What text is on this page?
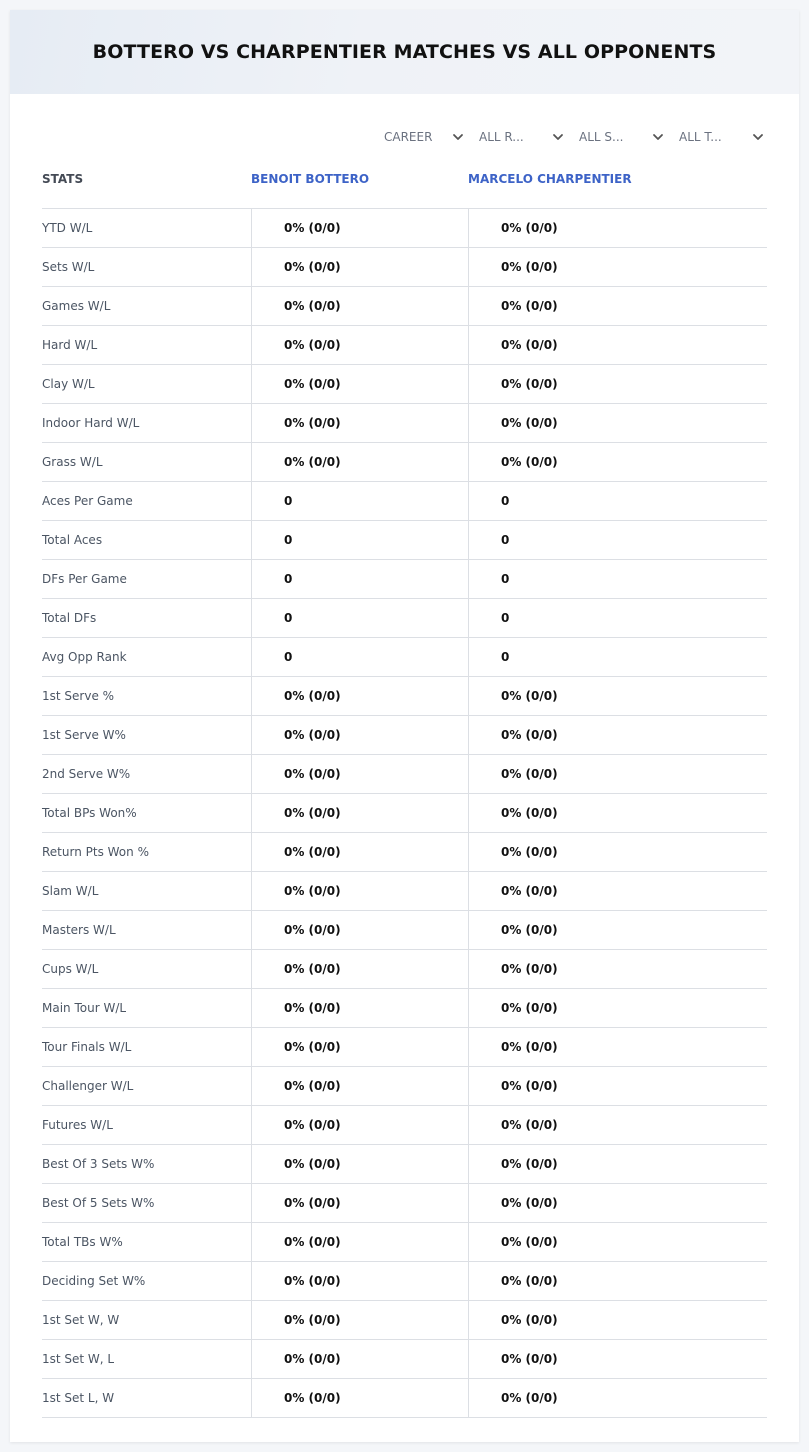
BOTTERO VS CHARPENTIER MATCHES VS ALL OPPONENTS
CAREER	ALL R...	ALL S...	ALL T...
STATS	BENOIT BOTTERO	MARCELO CHARPENTIER
YTD W/L	0% (0/0)	0% (0/0)
Sets W/L	0% (0/0)	0% (0/0)
Games W/L	0% (0/0)	0% (0/0)
Hard W/L	0% (0/0)	0% (0/0)
Clay W/L	0% (0/0)	0% (0/0)
Indoor Hard W/L	0% (0/0)	0% (0/0)
Grass W/L	0% (0/0)	0% (0/0)
Aces Per Game	0	0
Total Aces	0	0
DFs Per Game	0	0
Total DFs	0	0
Avg Opp Rank	0	0
1st Serve %	0% (0/0)	0% (0/0)
1st Serve W%	0% (0/0)	0% (0/0)
2nd Serve W%	0% (0/0)	0% (0/0)
Total BPs Won%	0% (0/0)	0% (0/0)
Return Pts Won %	0% (0/0)	0% (0/0)
Slam W/L	0% (0/0)	0% (0/0)
Masters W/L	0% (0/0)	0% (0/0)
Cups W/L	0% (0/0)	0% (0/0)
Main Tour W/L	0% (0/0)	0% (0/0)
Tour Finals W/L	0% (0/0)	0% (0/0)
Challenger W/L	0% (0/0)	0% (0/0)
Futures W/L	0% (0/0)	0% (0/0)
Best Of 3 Sets W%	0% (0/0)	0% (0/0)
Best Of 5 Sets W%	0% (0/0)	0% (0/0)
Total TBs W%	0% (0/0)	0% (0/0)
Deciding Set W%	0% (0/0)	0% (0/0)
1st Set W, W	0% (0/0)	0% (0/0)
1st Set W, L	0% (0/0)	0% (0/0)
1st Set L, W	0% (0/0)	0% (0/0)
